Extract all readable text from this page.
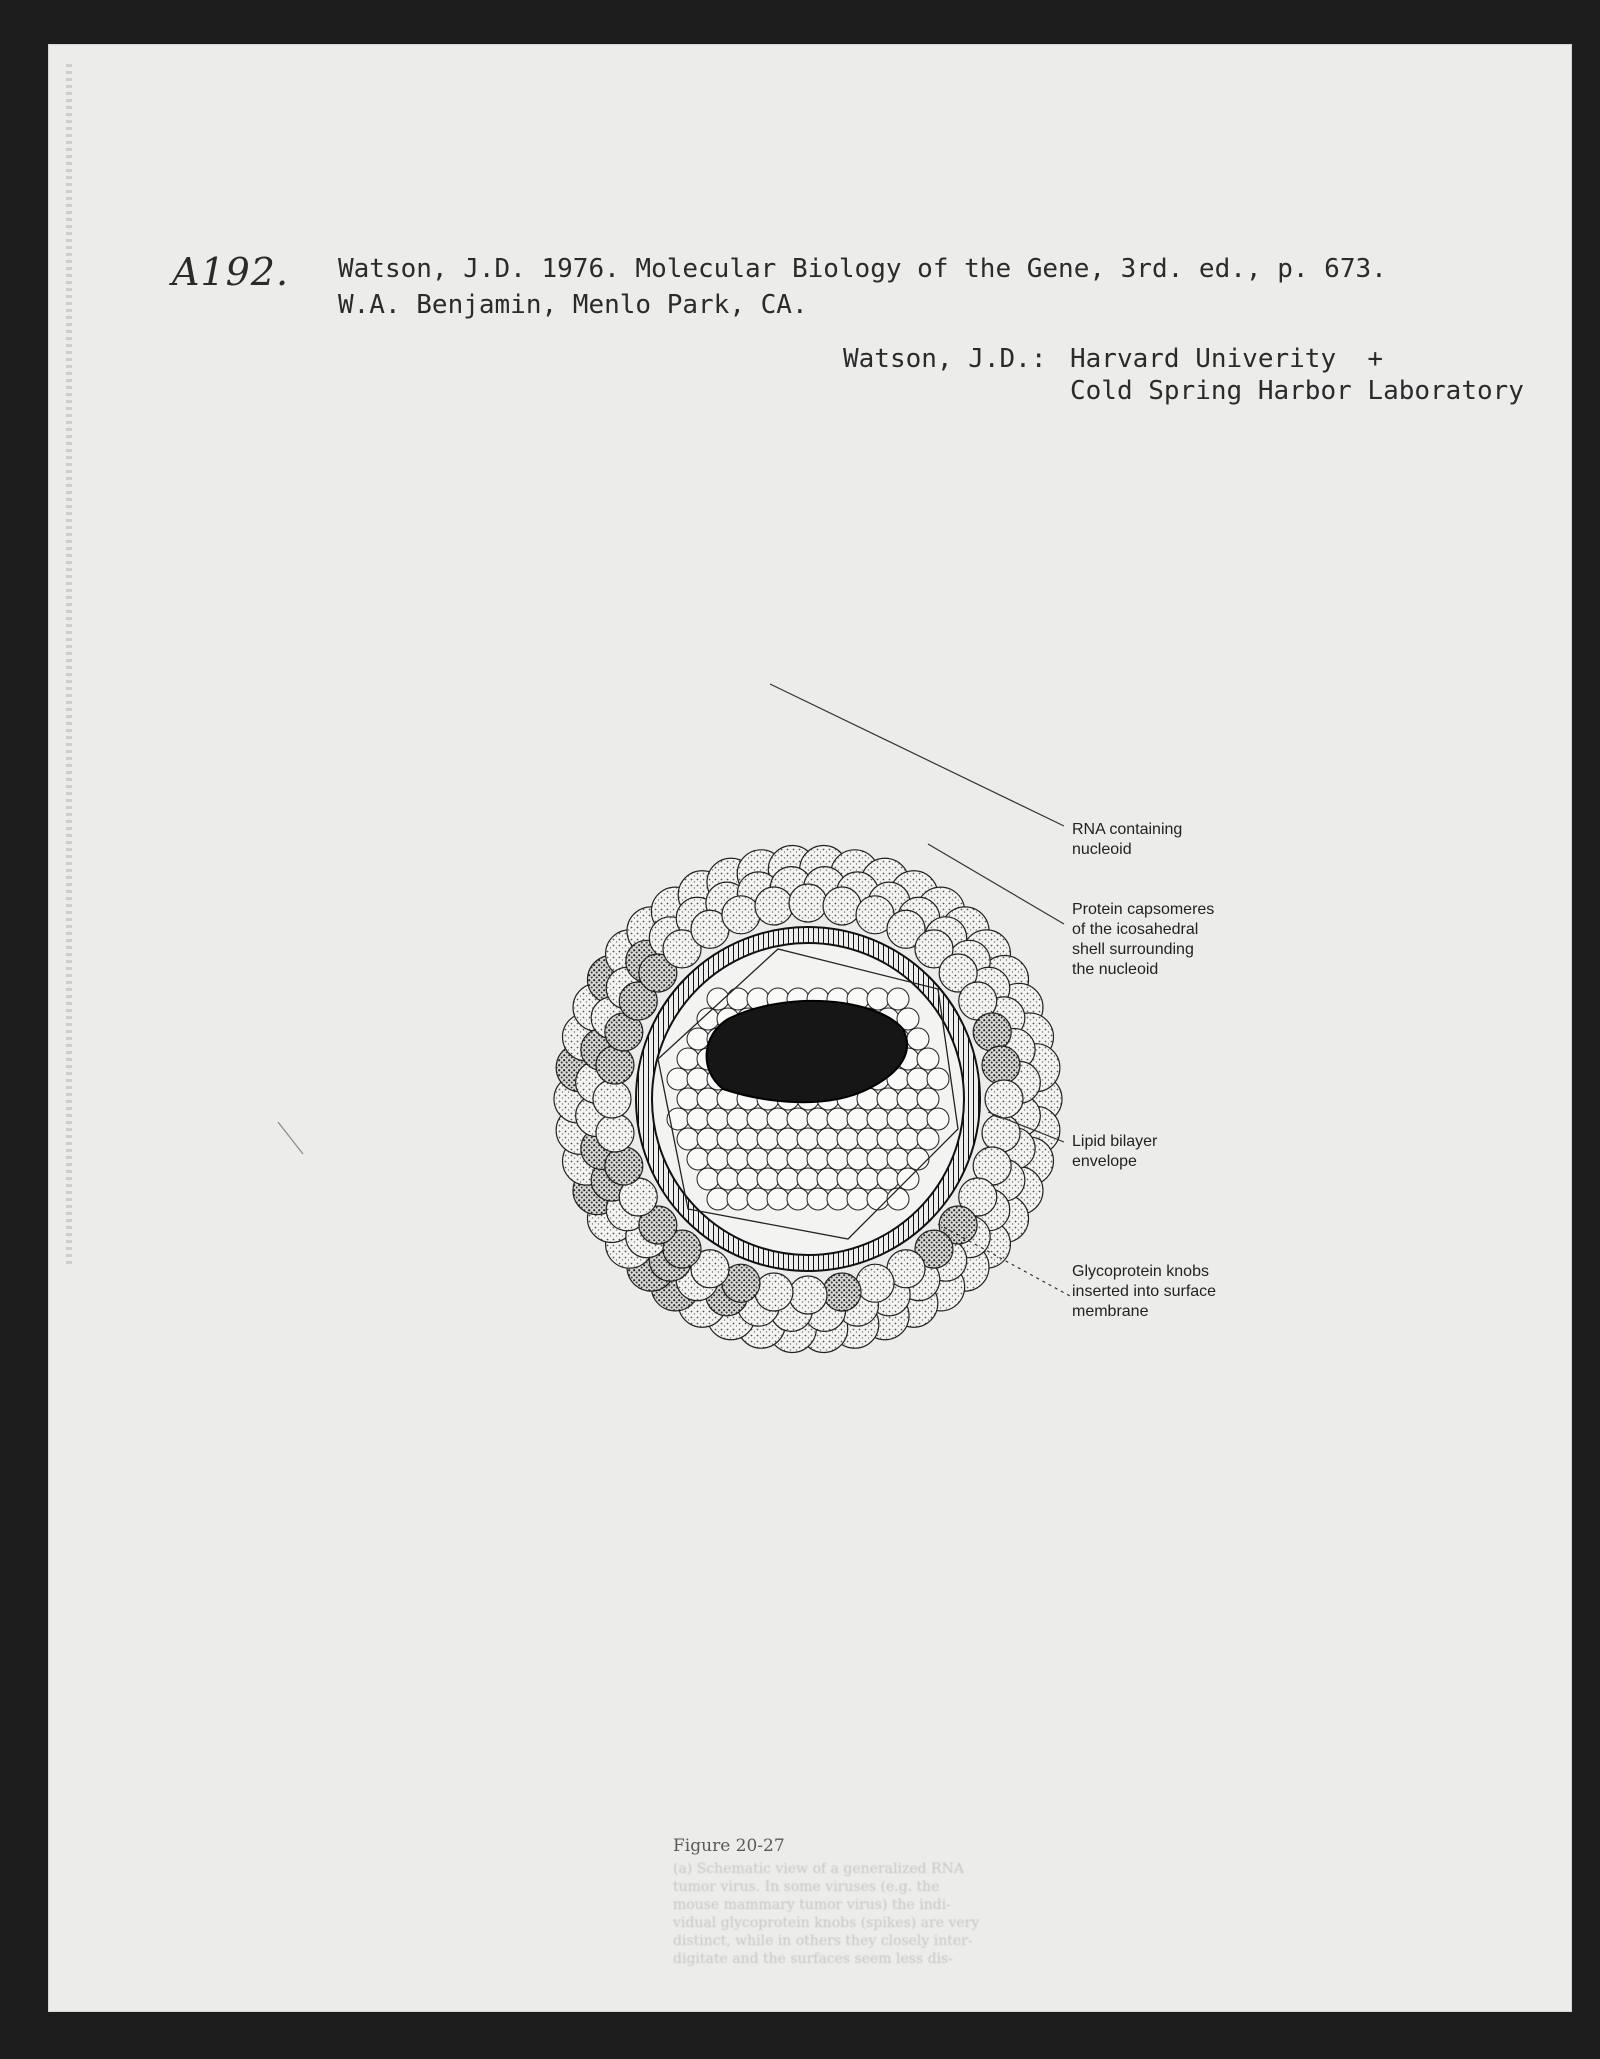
A192. Watson, J.D. 1976. Molecular Biology of the Gene, 3rd. ed., p. 673.
W.A. Benjamin, Menlo Park, CA.
Watson, J.D.: Harvard Univerity  +
Cold Spring Harbor Laboratory
RNA containing
nucleoid
Protein capsomeres
of the icosahedral
shell surrounding
the nucleoid
Lipid bilayer
envelope
Glycoprotein knobs
inserted into surface
membrane
Figure 20-27
(a) Schematic view of a generalized RNA
tumor virus. In some viruses (e.g. the
mouse mammary tumor virus) the indi-
vidual glycoprotein knobs (spikes) are very
distinct, while in others they closely inter-
digitate and the surfaces seem less dis-
